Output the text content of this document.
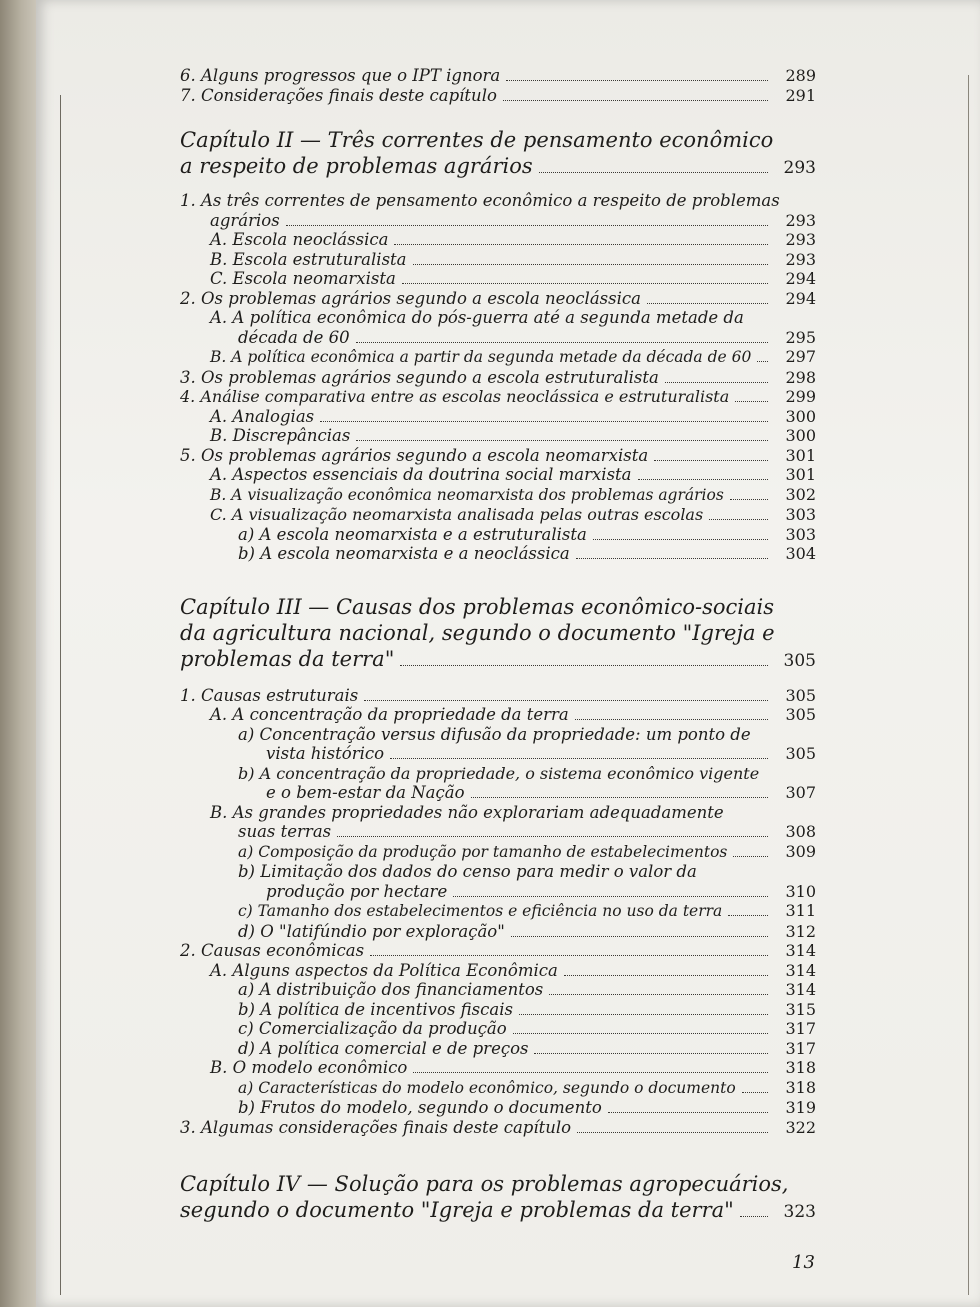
6. Alguns progressos que o IPT ignora	289
7. Considerações finais deste capítulo	291
Capítulo II — Três correntes de pensamento econômico
a respeito de problemas agrários	293
1. As três correntes de pensamento econômico a respeito de problemas
agrários	293
A. Escola neoclássica	293
B. Escola estruturalista	293
C. Escola neomarxista	294
2. Os problemas agrários segundo a escola neoclássica	294
A. A política econômica do pós-guerra até a segunda metade da
década de 60	295
B. A política econômica a partir da segunda metade da década de 60	297
3. Os problemas agrários segundo a escola estruturalista	298
4. Análise comparativa entre as escolas neoclássica e estruturalista	299
A. Analogias	300
B. Discrepâncias	300
5. Os problemas agrários segundo a escola neomarxista	301
A. Aspectos essenciais da doutrina social marxista	301
B. A visualização econômica neomarxista dos problemas agrários	302
C. A visualização neomarxista analisada pelas outras escolas	303
a) A escola neomarxista e a estruturalista	303
b) A escola neomarxista e a neoclássica	304
Capítulo III — Causas dos problemas econômico-sociais
da agricultura nacional, segundo o documento "Igreja e
problemas da terra"	305
1. Causas estruturais	305
A. A concentração da propriedade da terra	305
a) Concentração versus difusão da propriedade: um ponto de
vista histórico	305
b) A concentração da propriedade, o sistema econômico vigente
e o bem-estar da Nação	307
B. As grandes propriedades não explorariam adequadamente
suas terras	308
a) Composição da produção por tamanho de estabelecimentos	309
b) Limitação dos dados do censo para medir o valor da
produção por hectare	310
c) Tamanho dos estabelecimentos e eficiência no uso da terra	311
d) O "latifúndio por exploração"	312
2. Causas econômicas	314
A. Alguns aspectos da Política Econômica	314
a) A distribuição dos financiamentos	314
b) A política de incentivos fiscais	315
c) Comercialização da produção	317
d) A política comercial e de preços	317
B. O modelo econômico	318
a) Características do modelo econômico, segundo o documento	318
b) Frutos do modelo, segundo o documento	319
3. Algumas considerações finais deste capítulo	322
Capítulo IV — Solução para os problemas agropecuários,
segundo o documento "Igreja e problemas da terra"	323
13
